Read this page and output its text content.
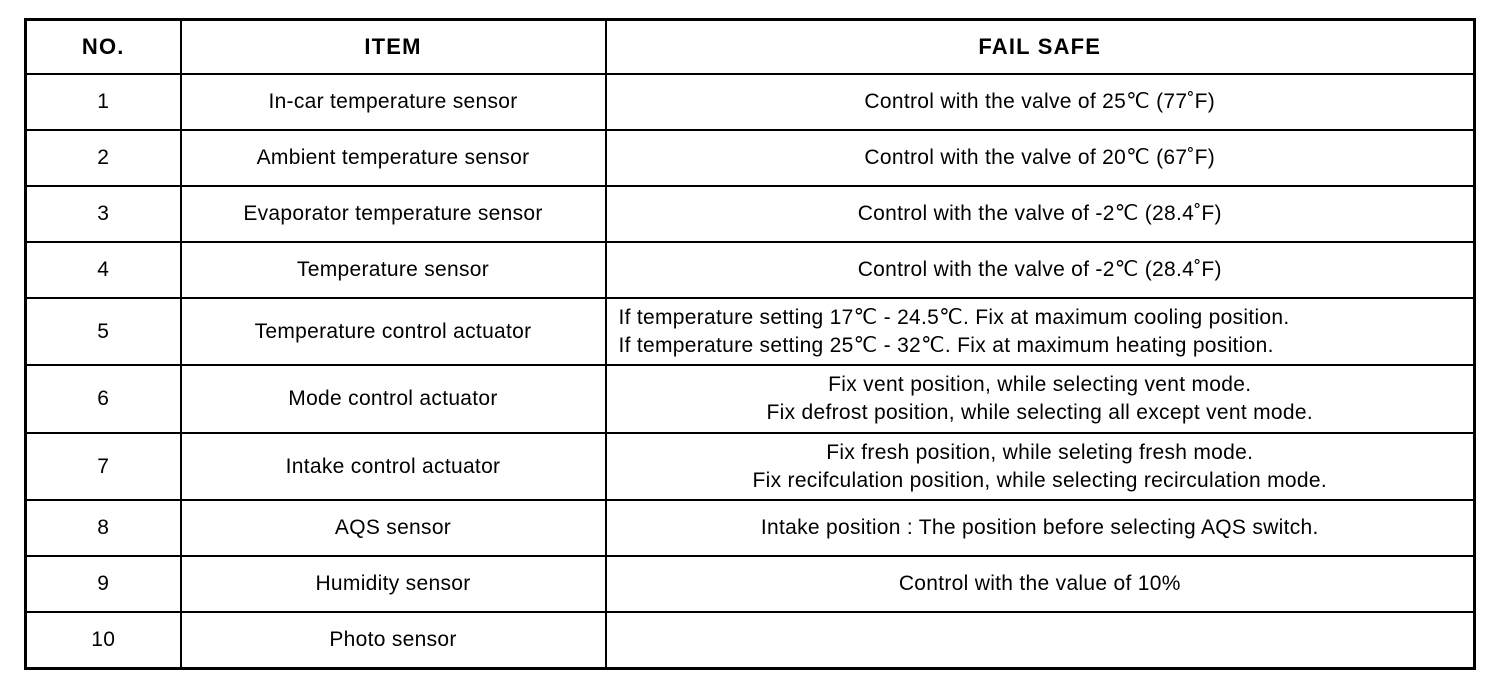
NO.	ITEM	FAIL SAFE
1	In-car temperature sensor	Control with the valve of 25℃ (77˚F)

2	Ambient temperature sensor	Control with the valve of 20℃ (67˚F)

3	Evaporator temperature sensor	Control with the valve of -2℃ (28.4˚F)

4	Temperature sensor	Control with the valve of -2℃ (28.4˚F)

5	Temperature control actuator	If temperature setting 17℃ - 24.5℃. Fix at maximum cooling position.
If temperature setting 25℃ - 32℃. Fix at maximum heating position.

6	Mode control actuator	Fix vent position, while selecting vent mode.
Fix defrost position, while selecting all except vent mode.

7	Intake control actuator	Fix fresh position, while seleting fresh mode.
Fix recifculation position, while selecting recirculation mode.

8	AQS sensor	Intake position : The position before selecting AQS switch.

9	Humidity sensor	Control with the value of 10%

10	Photo sensor	
